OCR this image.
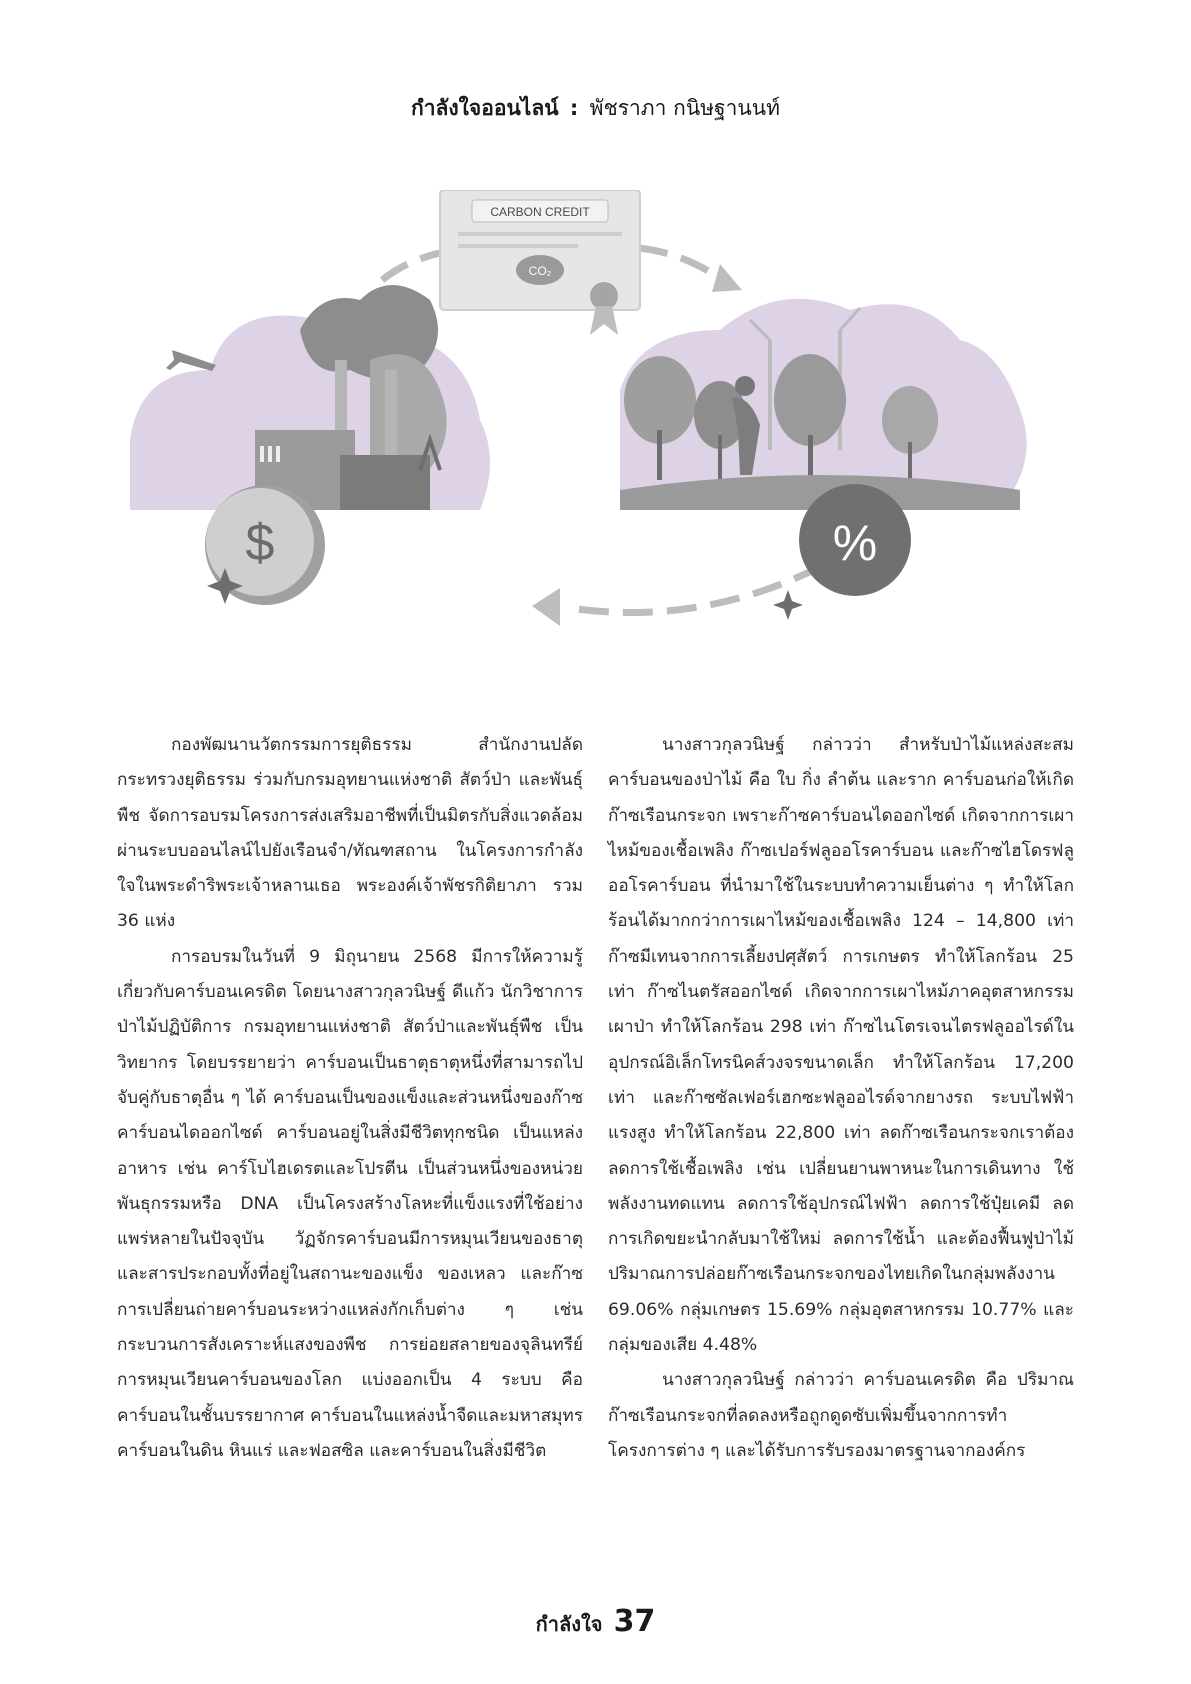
กำลังใจออนไลน์ : พัชราภา กนิษฐานนท์
$
CARBON CREDIT
CO₂
%

กองพัฒนานวัตกรรมการยุติธรรม สำนักงานปลัดกระทรวงยุติธรรม ร่วมกับกรมอุทยานแห่งชาติ สัตว์ป่า และพันธุ์พืช จัดการอบรมโครงการส่งเสริมอาชีพที่เป็นมิตรกับสิ่งแวดล้อมผ่านระบบออนไลน์ไปยังเรือนจำ/ทัณฑสถาน ในโครงการกำลังใจในพระดำริพระเจ้าหลานเธอ พระองค์เจ้าพัชรกิติยาภา รวม 36 แห่ง

การอบรมในวันที่ 9 มิถุนายน 2568 มีการให้ความรู้เกี่ยวกับคาร์บอนเครดิต โดยนางสาวกุลวนิษฐ์ ดีแก้ว นักวิชาการป่าไม้ปฏิบัติการ กรมอุทยานแห่งชาติ สัตว์ป่าและพันธุ์พืช เป็นวิทยากร โดยบรรยายว่า คาร์บอนเป็นธาตุธาตุหนึ่งที่สามารถไปจับคู่กับธาตุอื่น ๆ ได้ คาร์บอนเป็นของแข็งและส่วนหนึ่งของก๊าซคาร์บอนไดออกไซด์ คาร์บอนอยู่ในสิ่งมีชีวิตทุกชนิด เป็นแหล่งอาหาร เช่น คาร์โบไฮเดรตและโปรตีน เป็นส่วนหนึ่งของหน่วยพันธุกรรมหรือ DNA เป็นโครงสร้างโลหะที่แข็งแรงที่ใช้อย่างแพร่หลายในปัจจุบัน วัฏจักรคาร์บอนมีการหมุนเวียนของธาตุและสารประกอบทั้งที่อยู่ในสถานะของแข็ง ของเหลว และก๊าซ การเปลี่ยนถ่ายคาร์บอนระหว่างแหล่งกักเก็บต่าง ๆ เช่น กระบวนการสังเคราะห์แสงของพืช การย่อยสลายของจุลินทรีย์ การหมุนเวียนคาร์บอนของโลก แบ่งออกเป็น 4 ระบบ คือ คาร์บอนในชั้นบรรยากาศ คาร์บอนในแหล่งน้ำจืดและมหาสมุทร คาร์บอนในดิน หินแร่ และฟอสซิล และคาร์บอนในสิ่งมีชีวิต

นางสาวกุลวนิษฐ์ กล่าวว่า สำหรับป่าไม้แหล่งสะสมคาร์บอนของป่าไม้ คือ ใบ กิ่ง ลำต้น และราก คาร์บอนก่อให้เกิดก๊าซเรือนกระจก เพราะก๊าซคาร์บอนไดออกไซด์ เกิดจากการเผาไหม้ของเชื้อเพลิง ก๊าซเปอร์ฟลูออโรคาร์บอน และก๊าซไฮโดรฟลูออโรคาร์บอน ที่นำมาใช้ในระบบทำความเย็นต่าง ๆ ทำให้โลกร้อนได้มากกว่าการเผาไหม้ของเชื้อเพลิง 124 – 14,800 เท่า ก๊าซมีเทนจากการเลี้ยงปศุสัตว์ การเกษตร ทำให้โลกร้อน 25 เท่า ก๊าซไนตรัสออกไซด์ เกิดจากการเผาไหม้ภาคอุตสาหกรรม เผาป่า ทำให้โลกร้อน 298 เท่า ก๊าซไนโตรเจนไตรฟลูออไรด์ในอุปกรณ์อิเล็กโทรนิคส์วงจรขนาดเล็ก ทำให้โลกร้อน 17,200 เท่า และก๊าซซัลเฟอร์เฮกซะฟลูออไรด์จากยางรถ ระบบไฟฟ้าแรงสูง ทำให้โลกร้อน 22,800 เท่า ลดก๊าซเรือนกระจกเราต้องลดการใช้เชื้อเพลิง เช่น เปลี่ยนยานพาหนะในการเดินทาง ใช้พลังงานทดแทน ลดการใช้อุปกรณ์ไฟฟ้า ลดการใช้ปุ๋ยเคมี ลดการเกิดขยะนำกลับมาใช้ใหม่ ลดการใช้น้ำ และต้องฟื้นฟูป่าไม้ ปริมาณการปล่อยก๊าซเรือนกระจกของไทยเกิดในกลุ่มพลังงาน 69.06% กลุ่มเกษตร 15.69% กลุ่มอุตสาหกรรม 10.77% และกลุ่มของเสีย 4.48%

นางสาวกุลวนิษฐ์ กล่าวว่า คาร์บอนเครดิต คือ ปริมาณก๊าซเรือนกระจกที่ลดลงหรือถูกดูดซับเพิ่มขึ้นจากการทำโครงการต่าง ๆ และได้รับการรับรองมาตรฐานจากองค์กร

กำลังใจ 37
